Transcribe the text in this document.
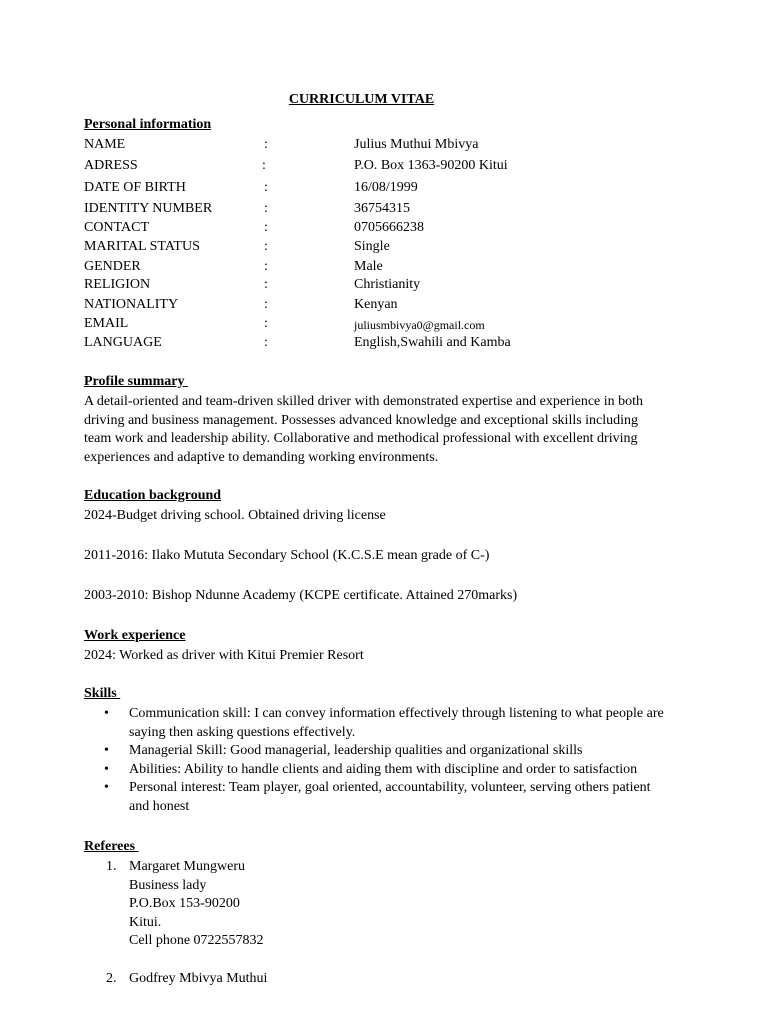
CURRICULUM VITAE

Personal information

NAME	:	Julius Muthui Mbivya
ADRESS	:	P.O. Box 1363-90200 Kitui
DATE OF BIRTH	:	16/08/1999
IDENTITY NUMBER	:	36754315
CONTACT	:	0705666238
MARITAL STATUS	:	Single
GENDER	:	Male
RELIGION	:	Christianity
NATIONALITY	:	Kenyan
EMAIL	:	juliusmbivya0@gmail.com
LANGUAGE	:	English,Swahili and Kamba

Profile summary

A detail-oriented and team-driven skilled driver with demonstrated expertise and experience in both driving and business management. Possesses advanced knowledge and exceptional skills including team work and leadership ability. Collaborative and methodical professional with excellent driving experiences and adaptive to demanding working environments.

Education background

2024-Budget driving school. Obtained driving license

2011-2016: Ilako Mututa Secondary School (K.C.S.E mean grade of C-)

2003-2010: Bishop Ndunne Academy (KCPE certificate. Attained 270marks)

Work experience

2024: Worked as driver with Kitui Premier Resort

Skills

• Communication skill: I can convey information effectively through listening to what people are saying then asking questions effectively.
• Managerial Skill: Good managerial, leadership qualities and organizational skills
• Abilities: Ability to handle clients and aiding them with discipline and order to satisfaction
• Personal interest: Team player, goal oriented, accountability, volunteer, serving others patient and honest

Referees

1. Margaret Mungweru
Business lady
P.O.Box 153-90200
Kitui.
Cell phone 0722557832
2. Godfrey Mbivya Muthui
